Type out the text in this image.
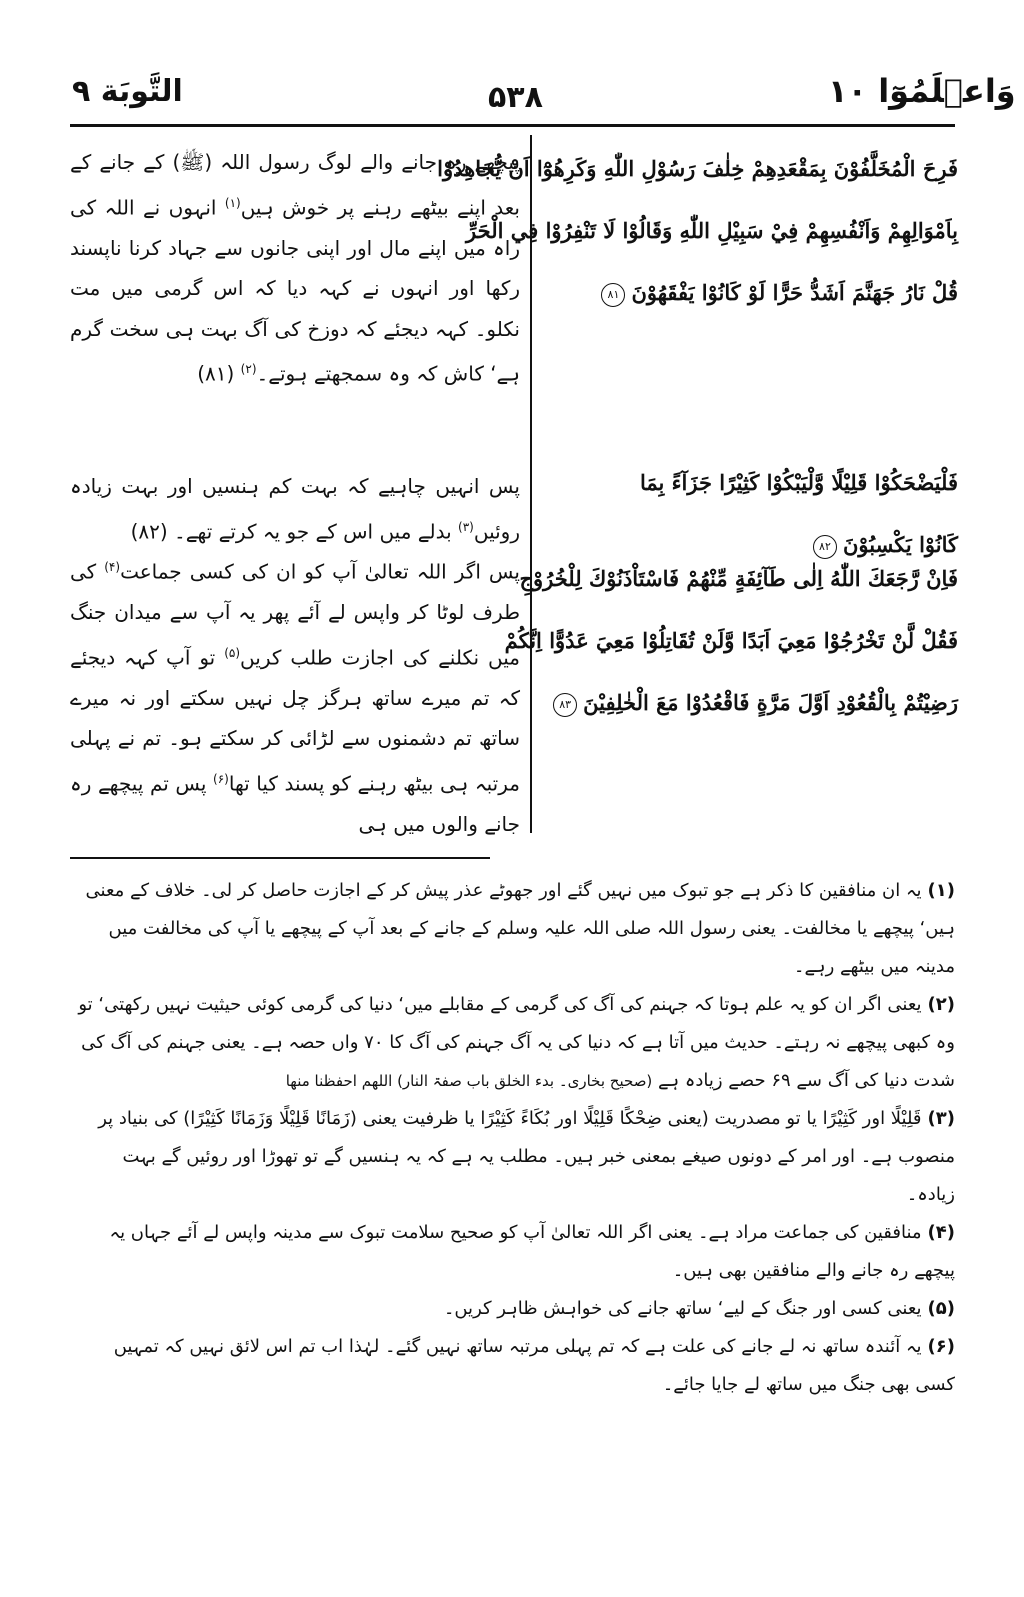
التَّوبَة ٩	۵۳۸	وَاعۡلَمُوٓا ١٠
فَرِحَ الْمُخَلَّفُوْنَ بِمَقْعَدِهِمْ خِلٰفَ رَسُوْلِ اللّٰهِ وَكَرِهُوْٓا اَنْ يُّجَاهِدُوْا
بِاَمْوَالِهِمْ وَاَنْفُسِهِمْ فِيْ سَبِيْلِ اللّٰهِ وَقَالُوْا لَا تَنْفِرُوْا فِي الْحَرِّ
قُلْ نَارُ جَهَنَّمَ اَشَدُّ حَرًّا لَوْ كَانُوْا يَفْقَهُوْنَ٨١
فَلْيَضْحَكُوْا قَلِيْلًا وَّلْيَبْكُوْا كَثِيْرًا جَزَآءً بِمَا
كَانُوْا يَكْسِبُوْنَ٨٢
فَاِنْ رَّجَعَكَ اللّٰهُ اِلٰى طَآئِفَةٍ مِّنْهُمْ فَاسْتَاْذَنُوْكَ لِلْخُرُوْجِ
فَقُلْ لَّنْ تَخْرُجُوْا مَعِيَ اَبَدًا وَّلَنْ تُقَاتِلُوْا مَعِيَ عَدُوًّا اِنَّكُمْ
رَضِيْتُمْ بِالْقُعُوْدِ اَوَّلَ مَرَّةٍ فَاقْعُدُوْا مَعَ الْخٰلِفِيْنَ٨٣
پیچھے رہ جانے والے لوگ رسول اللہ (ﷺ) کے جانے کے بعد اپنے بیٹھے رہنے پر خوش ہیں$^{(۱)}$ انہوں نے اللہ کی راہ میں اپنے مال اور اپنی جانوں سے جہاد کرنا ناپسند رکھا اور انہوں نے کہہ دیا کہ اس گرمی میں مت نکلو۔ کہہ دیجئے کہ دوزخ کی آگ بہت ہی سخت گرم ہے‘ کاش کہ وہ سمجھتے ہوتے۔$^{(۲)}$ (۸۱)
پس انہیں چاہیے کہ بہت کم ہنسیں اور بہت زیادہ روئیں$^{(۳)}$ بدلے میں اس کے جو یہ کرتے تھے۔ (۸۲)
پس اگر اللہ تعالیٰ آپ کو ان کی کسی جماعت$^{(۴)}$ کی طرف لوٹا کر واپس لے آئے پھر یہ آپ سے میدان جنگ میں نکلنے کی اجازت طلب کریں$^{(۵)}$ تو آپ کہہ دیجئے کہ تم میرے ساتھ ہرگز چل نہیں سکتے اور نہ میرے ساتھ تم دشمنوں سے لڑائی کر سکتے ہو۔ تم نے پہلی مرتبہ ہی بیٹھ رہنے کو پسند کیا تھا$^{(۶)}$ پس تم پیچھے رہ جانے والوں میں ہی

(۱)یہ ان منافقین کا ذکر ہے جو تبوک میں نہیں گئے اور جھوٹے عذر پیش کر کے اجازت حاصل کر لی۔ خلاف کے معنی ہیں‘ پیچھے یا مخالفت۔ یعنی رسول اللہ صلی اللہ علیہ وسلم کے جانے کے بعد آپ کے پیچھے یا آپ کی مخالفت میں مدینہ میں بیٹھے رہے۔

(۲)یعنی اگر ان کو یہ علم ہوتا کہ جہنم کی آگ کی گرمی کے مقابلے میں‘ دنیا کی گرمی کوئی حیثیت نہیں رکھتی‘ تو وہ کبھی پیچھے نہ رہتے۔ حدیث میں آتا ہے کہ دنیا کی یہ آگ جہنم کی آگ کا ۷۰ واں حصہ ہے۔ یعنی جہنم کی آگ کی شدت دنیا کی آگ سے ۶۹ حصے زیادہ ہے (صحیح بخاری۔ بدء الخلق باب صفۃ النار) اللھم احفظنا منھا

(۳)قَلِیْلًا اور کَثِیْرًا یا تو مصدریت (یعنی ضِحْکًا قَلِیْلًا اور بُکَاءً کَثِیْرًا یا ظرفیت یعنی (زَمَانًا قَلِیْلًا وَزَمَانًا کَثِیْرًا) کی بنیاد پر منصوب ہے۔ اور امر کے دونوں صیغے بمعنی خبر ہیں۔ مطلب یہ ہے کہ یہ ہنسیں گے تو تھوڑا اور روئیں گے بہت زیادہ۔

(۴)منافقین کی جماعت مراد ہے۔ یعنی اگر اللہ تعالیٰ آپ کو صحیح سلامت تبوک سے مدینہ واپس لے آئے جہاں یہ پیچھے رہ جانے والے منافقین بھی ہیں۔

(۵)یعنی کسی اور جنگ کے لیے‘ ساتھ جانے کی خواہش ظاہر کریں۔

(۶)یہ آئندہ ساتھ نہ لے جانے کی علت ہے کہ تم پہلی مرتبہ ساتھ نہیں گئے۔ لہٰذا اب تم اس لائق نہیں کہ تمہیں کسی بھی جنگ میں ساتھ لے جایا جائے۔
